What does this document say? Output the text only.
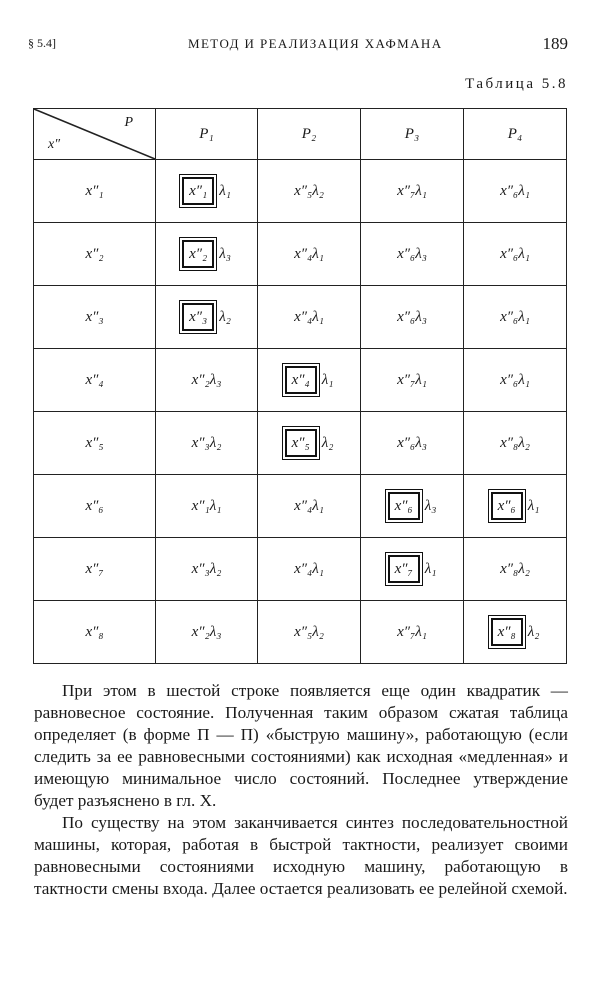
§ 5.4]	МЕТОД И РЕАЛИЗАЦИЯ ХАФМАНА	189
Таблица 5.8
P
x″	P₁	P₂	P₃	P₄
x″₁	x″₁ λ₁	x″₅λ₂	x″₇λ₁	x″₆λ₁
x″₂	x″₂ λ₃	x″₄λ₁	x″₆λ₃	x″₆λ₁
x″₃	x″₃ λ₂	x″₄λ₁	x″₆λ₃	x″₆λ₁
x″₄	x″₂λ₃	x″₄ λ₁	x″₇λ₁	x″₆λ₁
x″₅	x″₃λ₂	x″₅ λ₂	x″₆λ₃	x″₈λ₂
x″₆	x″₁λ₁	x″₄λ₁	x″₆ λ₃	x″₆ λ₁
x″₇	x″₃λ₂	x″₄λ₁	x″₇ λ₁	x″₈λ₂
x″₈	x″₂λ₃	x″₅λ₂	x″₇λ₁	x″₈ λ₂

При этом в шестой строке появляется еще один квадратик — равновесное состояние. Полученная таким образом сжатая таблица определяет (в форме П — П) «быструю машину», работающую (если следить за ее равновесными состояниями) как исходная «медленная» и имеющую минимальное число состояний. Последнее утверждение будет разъяснено в гл. X.

По существу на этом заканчивается синтез последовательностной машины, которая, работая в быстрой тактности, реализует своими равновесными состояниями исходную машину, работающую в тактности смены входа. Далее остается реализовать ее релейной схемой.
